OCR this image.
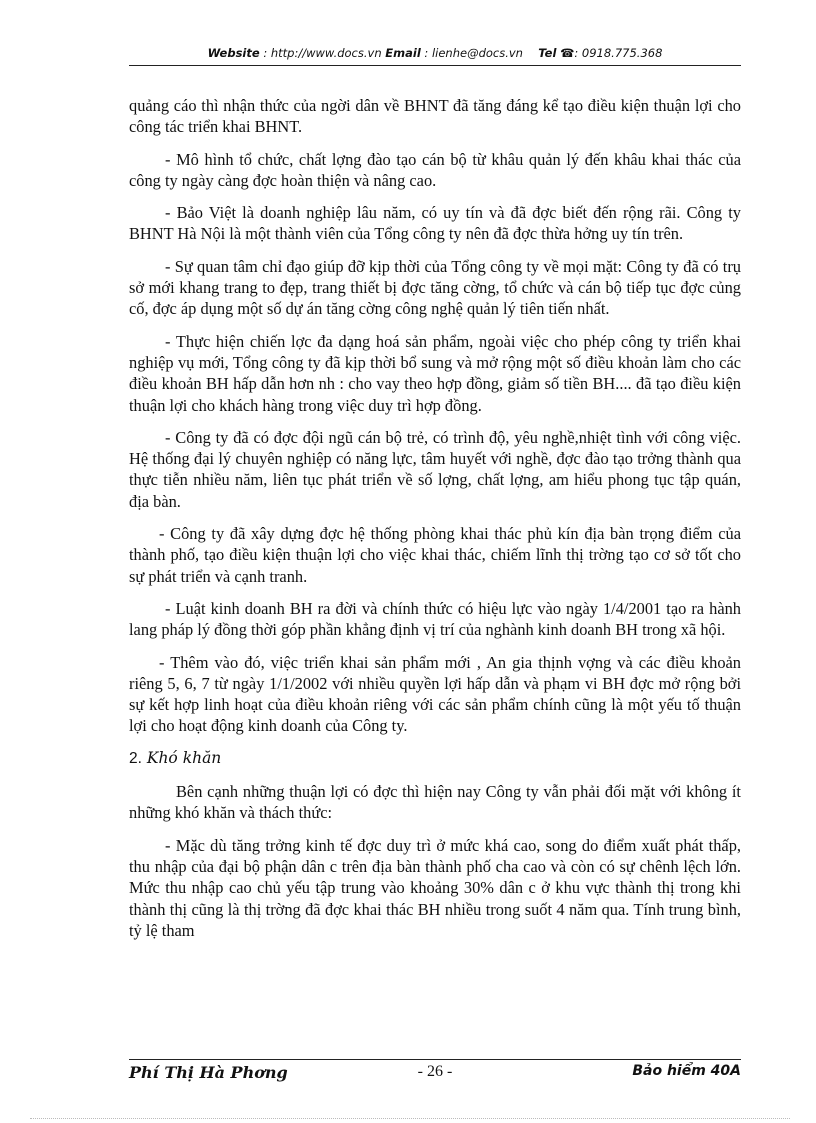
Website : http://www.docs.vn Email : lienhe@docs.vn Tel ☎: 0918.775.368

quảng cáo thì nhận thức của ngời dân về BHNT đã tăng đáng kể tạo điều kiện thuận lợi cho công tác triển khai BHNT.

- Mô hình tổ chức, chất lợng đào tạo cán bộ từ khâu quản lý đến khâu khai thác của công ty ngày càng đợc hoàn thiện và nâng cao.

- Bảo Việt là doanh nghiệp lâu năm, có uy tín và đã đợc biết đến rộng rãi. Công ty BHNT Hà Nội là một thành viên của Tổng công ty nên đã đợc thừa hởng uy tín trên.

- Sự quan tâm chỉ đạo giúp đỡ kịp thời của Tổng công ty về mọi mặt: Công ty đã có trụ sở mới khang trang to đẹp, trang thiết bị đợc tăng cờng, tổ chức và cán bộ tiếp tục đợc củng cố, đợc áp dụng một số dự án tăng cờng công nghệ quản lý tiên tiến nhất.

- Thực hiện chiến lợc đa dạng hoá sản phẩm, ngoài việc cho phép công ty triển khai nghiệp vụ mới, Tổng công ty đã kịp thời bổ sung và mở rộng một số điều khoản làm cho các điều khoản BH hấp dẫn hơn nh : cho vay theo hợp đồng, giảm số tiền BH.... đã tạo điều kiện thuận lợi cho khách hàng trong việc duy trì hợp đồng.

- Công ty đã có đợc đội ngũ cán bộ trẻ, có trình độ, yêu nghề,nhiệt tình với công việc. Hệ thống đại lý chuyên nghiệp có năng lực, tâm huyết với nghề, đợc đào tạo trởng thành qua thực tiễn nhiều năm, liên tục phát triển về số lợng, chất lợng, am hiểu phong tục tập quán, địa bàn.

- Công ty đã xây dựng đợc hệ thống phòng khai thác phủ kín địa bàn trọng điểm của thành phố, tạo điều kiện thuận lợi cho việc khai thác, chiếm lĩnh thị trờng tạo cơ sở tốt cho sự phát triển và cạnh tranh.

- Luật kinh doanh BH ra đời và chính thức có hiệu lực vào ngày 1/4/2001 tạo ra hành lang pháp lý đồng thời góp phần khẳng định vị trí của nghành kinh doanh BH trong xã hội.

- Thêm vào đó, việc triển khai sản phẩm mới , An gia thịnh vợng và các điều khoản riêng 5, 6, 7 từ ngày 1/1/2002 với nhiều quyền lợi hấp dẫn và phạm vi BH đợc mở rộng bởi sự kết hợp linh hoạt của điều khoản riêng với các sản phẩm chính cũng là một yếu tố thuận lợi cho hoạt động kinh doanh của Công ty.

2. Khó khăn

Bên cạnh những thuận lợi có đợc thì hiện nay Công ty vẫn phải đối mặt với không ít những khó khăn và thách thức:

- Mặc dù tăng trởng kinh tế đợc duy trì ở mức khá cao, song do điểm xuất phát thấp, thu nhập của đại bộ phận dân c trên địa bàn thành phố cha cao và còn có sự chênh lệch lớn. Mức thu nhập cao chủ yếu tập trung vào khoảng 30% dân c ở khu vực thành thị trong khi thành thị cũng là thị trờng đã đợc khai thác BH nhiều trong suốt 4 năm qua. Tính trung bình, tỷ lệ tham

Phí Thị Hà Phơng	- 26 -	Bảo hiểm 40A
